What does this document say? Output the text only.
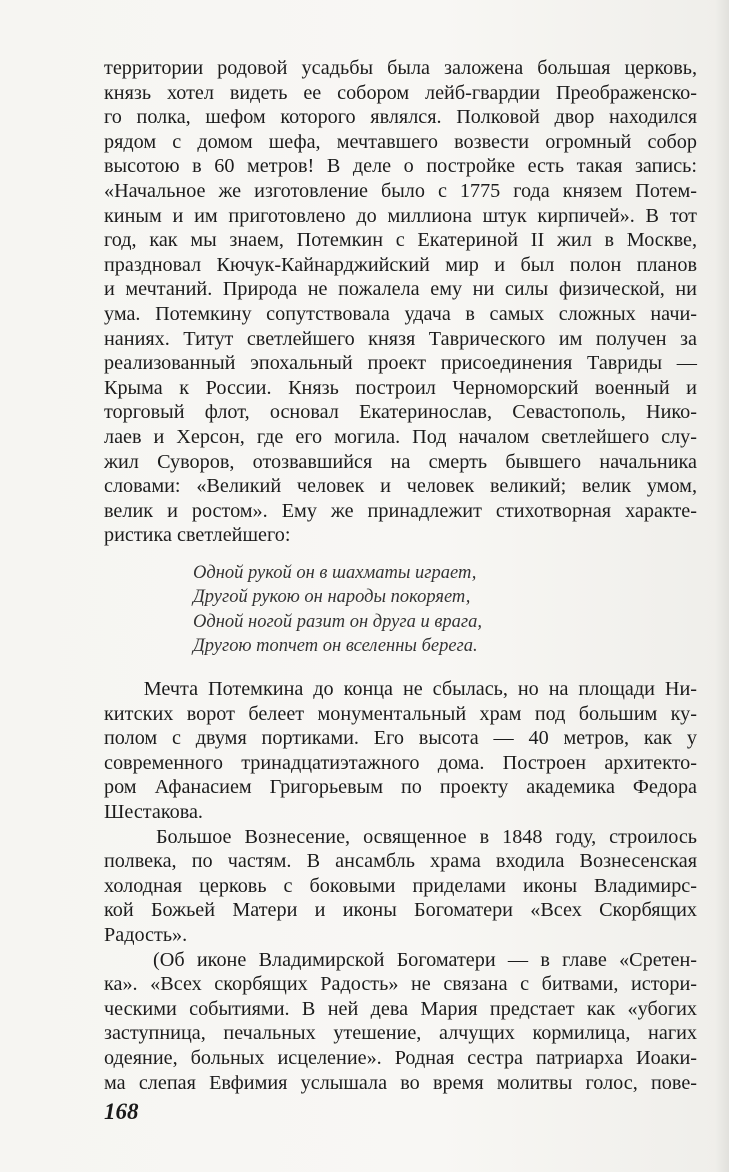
территории родовой усадьбы была заложена большая церковь,
князь хотел видеть ее собором лейб-гвардии Преображенско-
го полка, шефом которого являлся. Полковой двор находился
рядом с домом шефа, мечтавшего возвести огромный собор
высотою в 60 метров! В деле о постройке есть такая запись:
«Начальное же изготовление было с 1775 года князем Потем-
киным и им приготовлено до миллиона штук кирпичей». В тот
год, как мы знаем, Потемкин с Екатериной II жил в Москве,
праздновал Кючук-Кайнарджийский мир и был полон планов
и мечтаний. Природа не пожалела ему ни силы физической, ни
ума. Потемкину сопутствовала удача в самых сложных начи-
наниях. Титут светлейшего князя Таврического им получен за
реализованный эпохальный проект присоединения Тавриды —
Крыма к России. Князь построил Черноморский военный и
торговый флот, основал Екатеринослав, Севастополь, Нико-
лаев и Херсон, где его могила. Под началом светлейшего слу-
жил Суворов, отозвавшийся на смерть бывшего начальника
словами: «Великий человек и человек великий; велик умом,
велик и ростом». Ему же принадлежит стихотворная характе-
ристика светлейшего:
Одной рукой он в шахматы играет,
Другой рукою он народы покоряет,
Одной ногой разит он друга и врага,
Другою топчет он вселенны берега.
Мечта Потемкина до конца не сбылась, но на площади Ни-
китских ворот белеет монументальный храм под большим ку-
полом с двумя портиками. Его высота — 40 метров, как у
современного тринадцатиэтажного дома. Построен архитекто-
ром Афанасием Григорьевым по проекту академика Федора
Шестакова.
Большое Вознесение, освященное в 1848 году, строилось
полвека, по частям. В ансамбль храма входила Вознесенская
холодная церковь с боковыми приделами иконы Владимирс-
кой Божьей Матери и иконы Богоматери «Всех Скорбящих
Радость».
(Об иконе Владимирской Богоматери — в главе «Сретен-
ка». «Всех скорбящих Радость» не связана с битвами, истори-
ческими событиями. В ней дева Мария предстает как «убогих
заступница, печальных утешение, алчущих кормилица, нагих
одеяние, больных исцеление». Родная сестра патриарха Иоаки-
ма слепая Евфимия услышала во время молитвы голос, пове-
168
